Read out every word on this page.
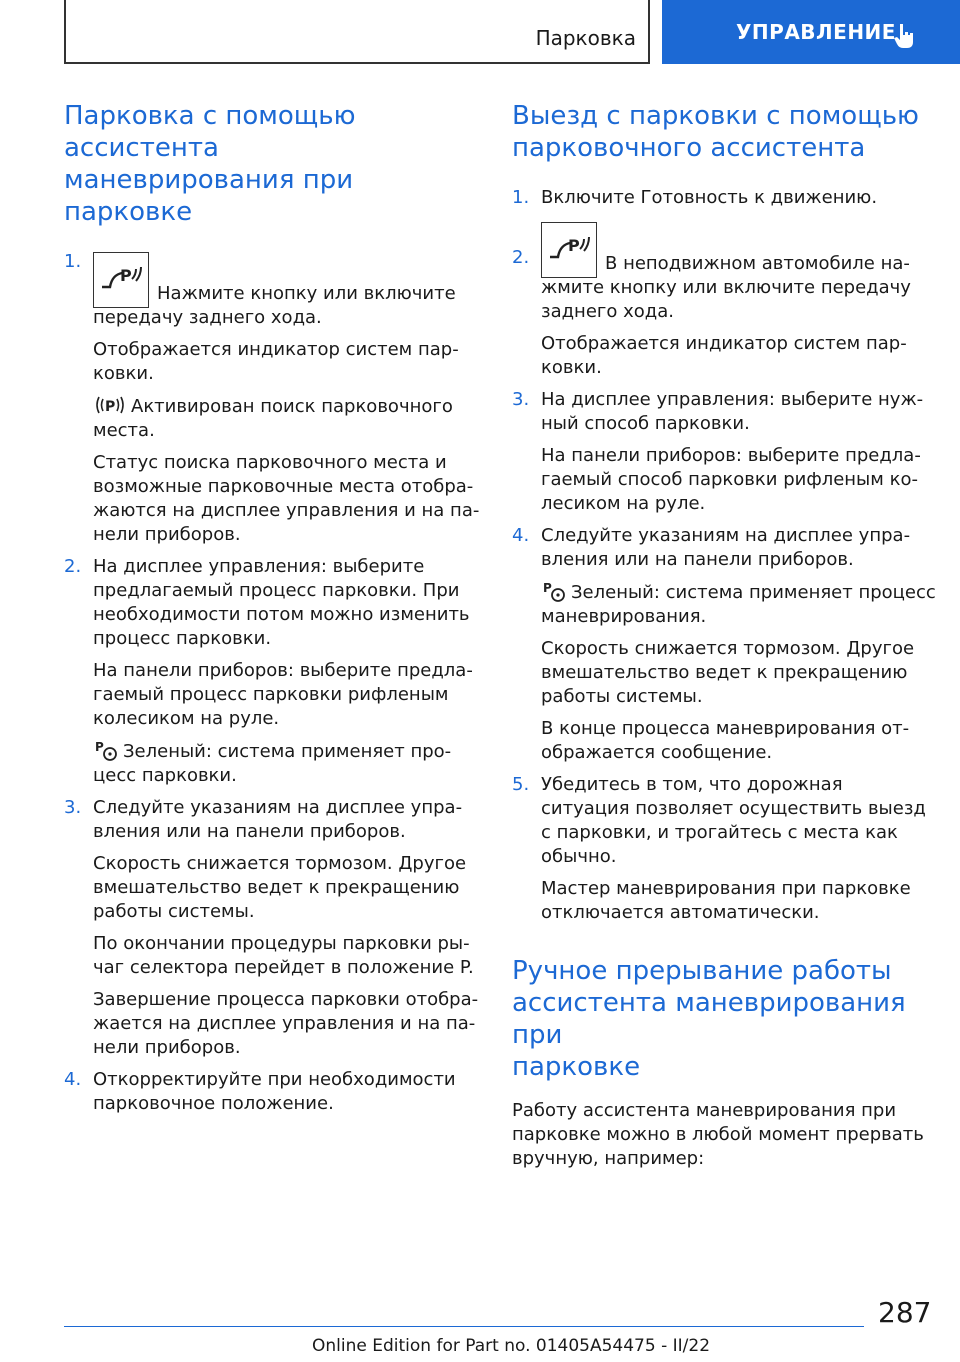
Парковка	УПРАВЛЕНИЕ
Парковка с помощью ассистента
маневрирования при парковке
1.

P
Нажмите кнопку или включите передачу заднего хода.

Отображается индикатор систем парковки.

P Активирован поиск парковочного места.

Статус поиска парковочного места и возможные парковочные места отображаются на дисплее управления и на панели приборов.

2. На дисплее управления: выберите предлагаемый процесс парковки. При необходимости потом можно изменить процесс парковки.

На панели приборов: выберите предлагаемый процесс парковки рифленым колесиком на руле.

P Зеленый: система применяет процесс парковки.

3. Следуйте указаниям на дисплее управления или на панели приборов.

Скорость снижается тормозом. Другое вмешательство ведет к прекращению работы системы.

По окончании процедуры парковки рычаг селектора перейдет в положение P.

Завершение процесса парковки отображается на дисплее управления и на панели приборов.

4. Откорректируйте при необходимости парковочное положение.

Выезд с парковки с помощью
парковочного ассистента
1. Включите Готовность к движению.

2.

P
В неподвижном автомобиле нажмите кнопку или включите передачу заднего хода.

Отображается индикатор систем парковки.

3. На дисплее управления: выберите нужный способ парковки.

На панели приборов: выберите предлагаемый способ парковки рифленым колесиком на руле.

4. Следуйте указаниям на дисплее управления или на панели приборов.

P Зеленый: система применяет процесс маневрирования.

Скорость снижается тормозом. Другое вмешательство ведет к прекращению работы системы.

В конце процесса маневрирования отображается сообщение.

5. Убедитесь в том, что дорожная ситуация позволяет осуществить выезд с парковки, и трогайтесь с места как обычно.

Мастер маневрирования при парковке отключается автоматически.

Ручное прерывание работы
ассистента маневрирования при
парковке

Работу ассистента маневрирования при парковке можно в любой момент прервать вручную, например:

287
Online Edition for Part no. 01405A54475 - II/22
